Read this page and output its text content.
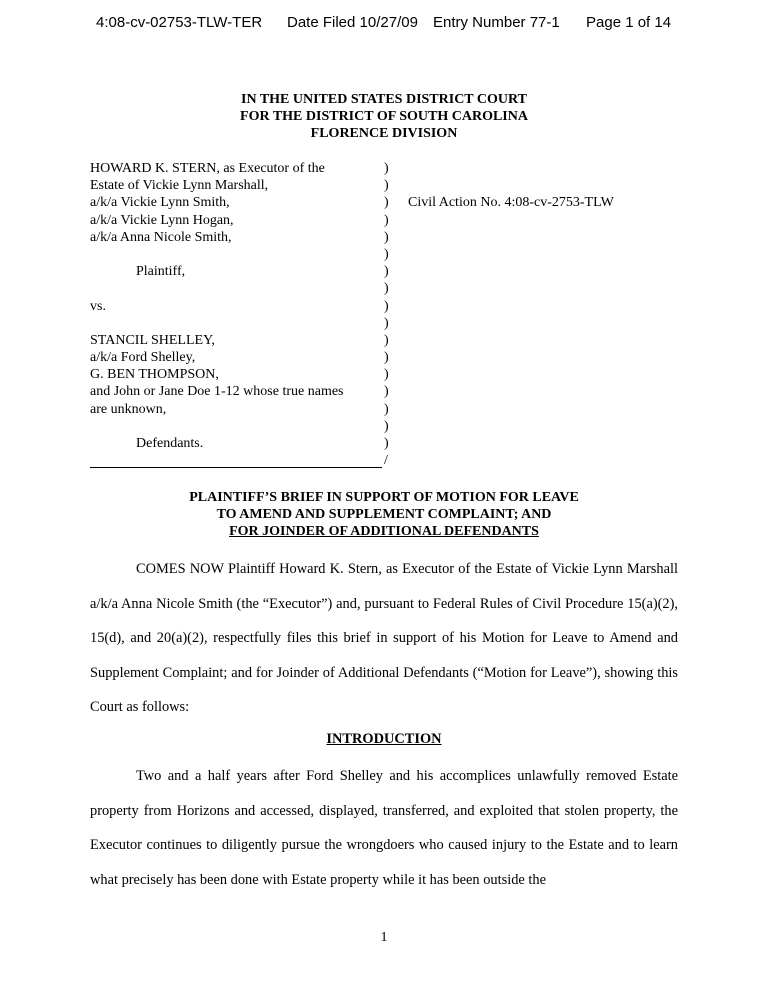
4:08-cv-02753-TLW-TER Date Filed 10/27/09 Entry Number 77-1 Page 1 of 14
IN THE UNITED STATES DISTRICT COURT
FOR THE DISTRICT OF SOUTH CAROLINA
FLORENCE DIVISION
HOWARD K. STERN, as Executor of the
Estate of Vickie Lynn Marshall,
a/k/a Vickie Lynn Smith,
a/k/a Vickie Lynn Hogan,
a/k/a Anna Nicole Smith,
Plaintiff,
vs.
STANCIL SHELLEY,
a/k/a Ford Shelley,
G. BEN THOMPSON,
and John or Jane Doe 1-12 whose true names
are unknown,
Defendants.
)
)
)
)
)
)
)
)
)
)
)
)
)
)
)
)
)
/
Civil Action No. 4:08-cv-2753-TLW
PLAINTIFF’S BRIEF IN SUPPORT OF MOTION FOR LEAVE
TO AMEND AND SUPPLEMENT COMPLAINT; AND
FOR JOINDER OF ADDITIONAL DEFENDANTS

COMES NOW Plaintiff Howard K. Stern, as Executor of the Estate of Vickie Lynn Marshall a/k/a Anna Nicole Smith (the “Executor”) and, pursuant to Federal Rules of Civil Procedure 15(a)(2), 15(d), and 20(a)(2), respectfully files this brief in support of his Motion for Leave to Amend and Supplement Complaint; and for Joinder of Additional Defendants (“Motion for Leave”), showing this Court as follows:

INTRODUCTION

Two and a half years after Ford Shelley and his accomplices unlawfully removed Estate property from Horizons and accessed, displayed, transferred, and exploited that stolen property, the Executor continues to diligently pursue the wrongdoers who caused injury to the Estate and to learn what precisely has been done with Estate property while it has been outside the

1
